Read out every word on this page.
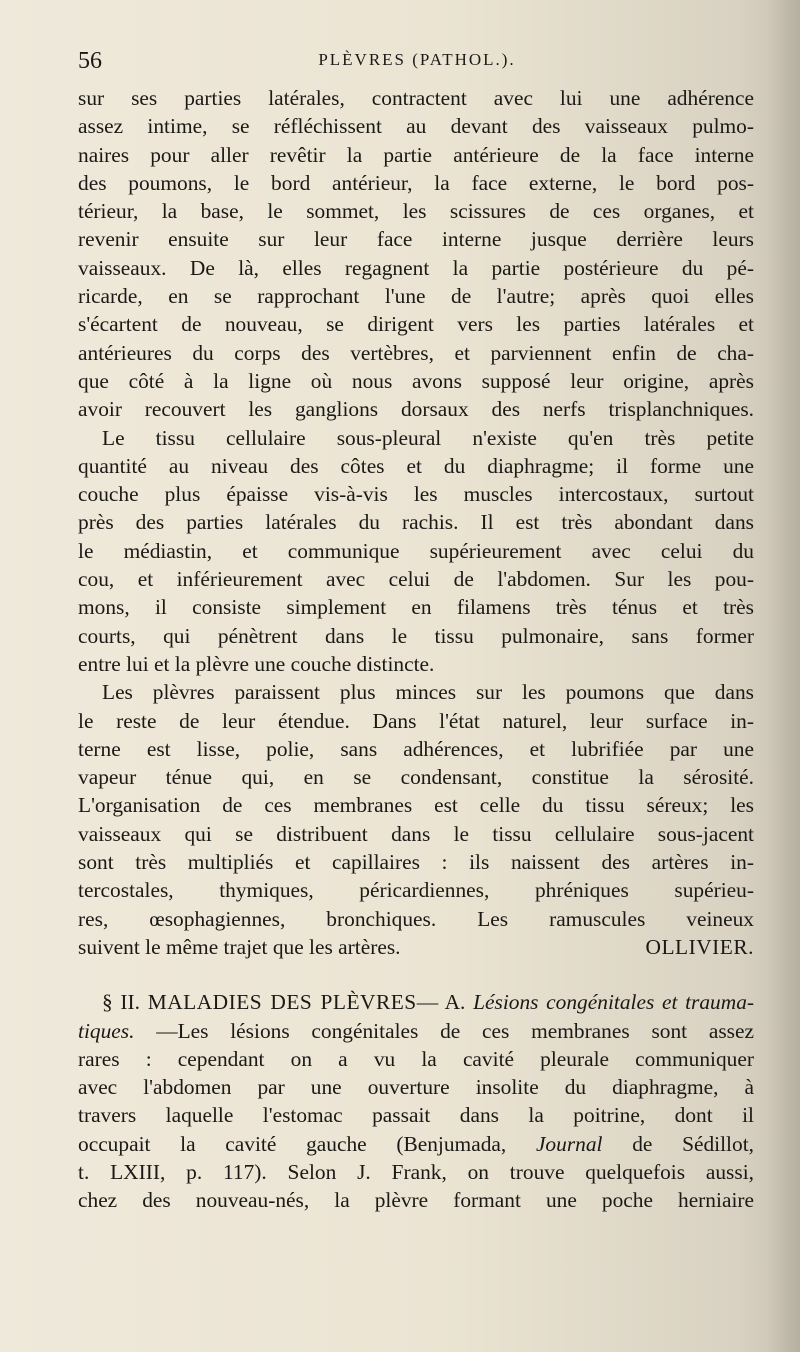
56	PLÈVRES (PATHOL.).
sur ses parties latérales, contractent avec lui une adhérence
assez intime, se réfléchissent au devant des vaisseaux pulmo-
naires pour aller revêtir la partie antérieure de la face interne
des poumons, le bord antérieur, la face externe, le bord pos-
térieur, la base, le sommet, les scissures de ces organes, et
revenir ensuite sur leur face interne jusque derrière leurs
vaisseaux. De là, elles regagnent la partie postérieure du pé-
ricarde, en se rapprochant l'une de l'autre; après quoi elles
s'écartent de nouveau, se dirigent vers les parties latérales et
antérieures du corps des vertèbres, et parviennent enfin de cha-
que côté à la ligne où nous avons supposé leur origine, après
avoir recouvert les ganglions dorsaux des nerfs trisplanchniques.
Le tissu cellulaire sous-pleural n'existe qu'en très petite
quantité au niveau des côtes et du diaphragme; il forme une
couche plus épaisse vis-à-vis les muscles intercostaux, surtout
près des parties latérales du rachis. Il est très abondant dans
le médiastin, et communique supérieurement avec celui du
cou, et inférieurement avec celui de l'abdomen. Sur les pou-
mons, il consiste simplement en filamens très ténus et très
courts, qui pénètrent dans le tissu pulmonaire, sans former
entre lui et la plèvre une couche distincte.
Les plèvres paraissent plus minces sur les poumons que dans
le reste de leur étendue. Dans l'état naturel, leur surface in-
terne est lisse, polie, sans adhérences, et lubrifiée par une
vapeur ténue qui, en se condensant, constitue la sérosité.
L'organisation de ces membranes est celle du tissu séreux; les
vaisseaux qui se distribuent dans le tissu cellulaire sous-jacent
sont très multipliés et capillaires : ils naissent des artères in-
tercostales, thymiques, péricardiennes, phréniques supérieu-
res, œsophagiennes, bronchiques. Les ramuscules veineux
suivent le même trajet que les artères.	OLLIVIER.
§ II. MALADIES DES PLÈVRES— A. Lésions congénitales et trauma-
tiques. —Les lésions congénitales de ces membranes sont assez
rares : cependant on a vu la cavité pleurale communiquer
avec l'abdomen par une ouverture insolite du diaphragme, à
travers laquelle l'estomac passait dans la poitrine, dont il
occupait la cavité gauche (Benjumada, Journal de Sédillot,
t. LXIII, p. 117). Selon J. Frank, on trouve quelquefois aussi,
chez des nouveau-nés, la plèvre formant une poche herniaire
